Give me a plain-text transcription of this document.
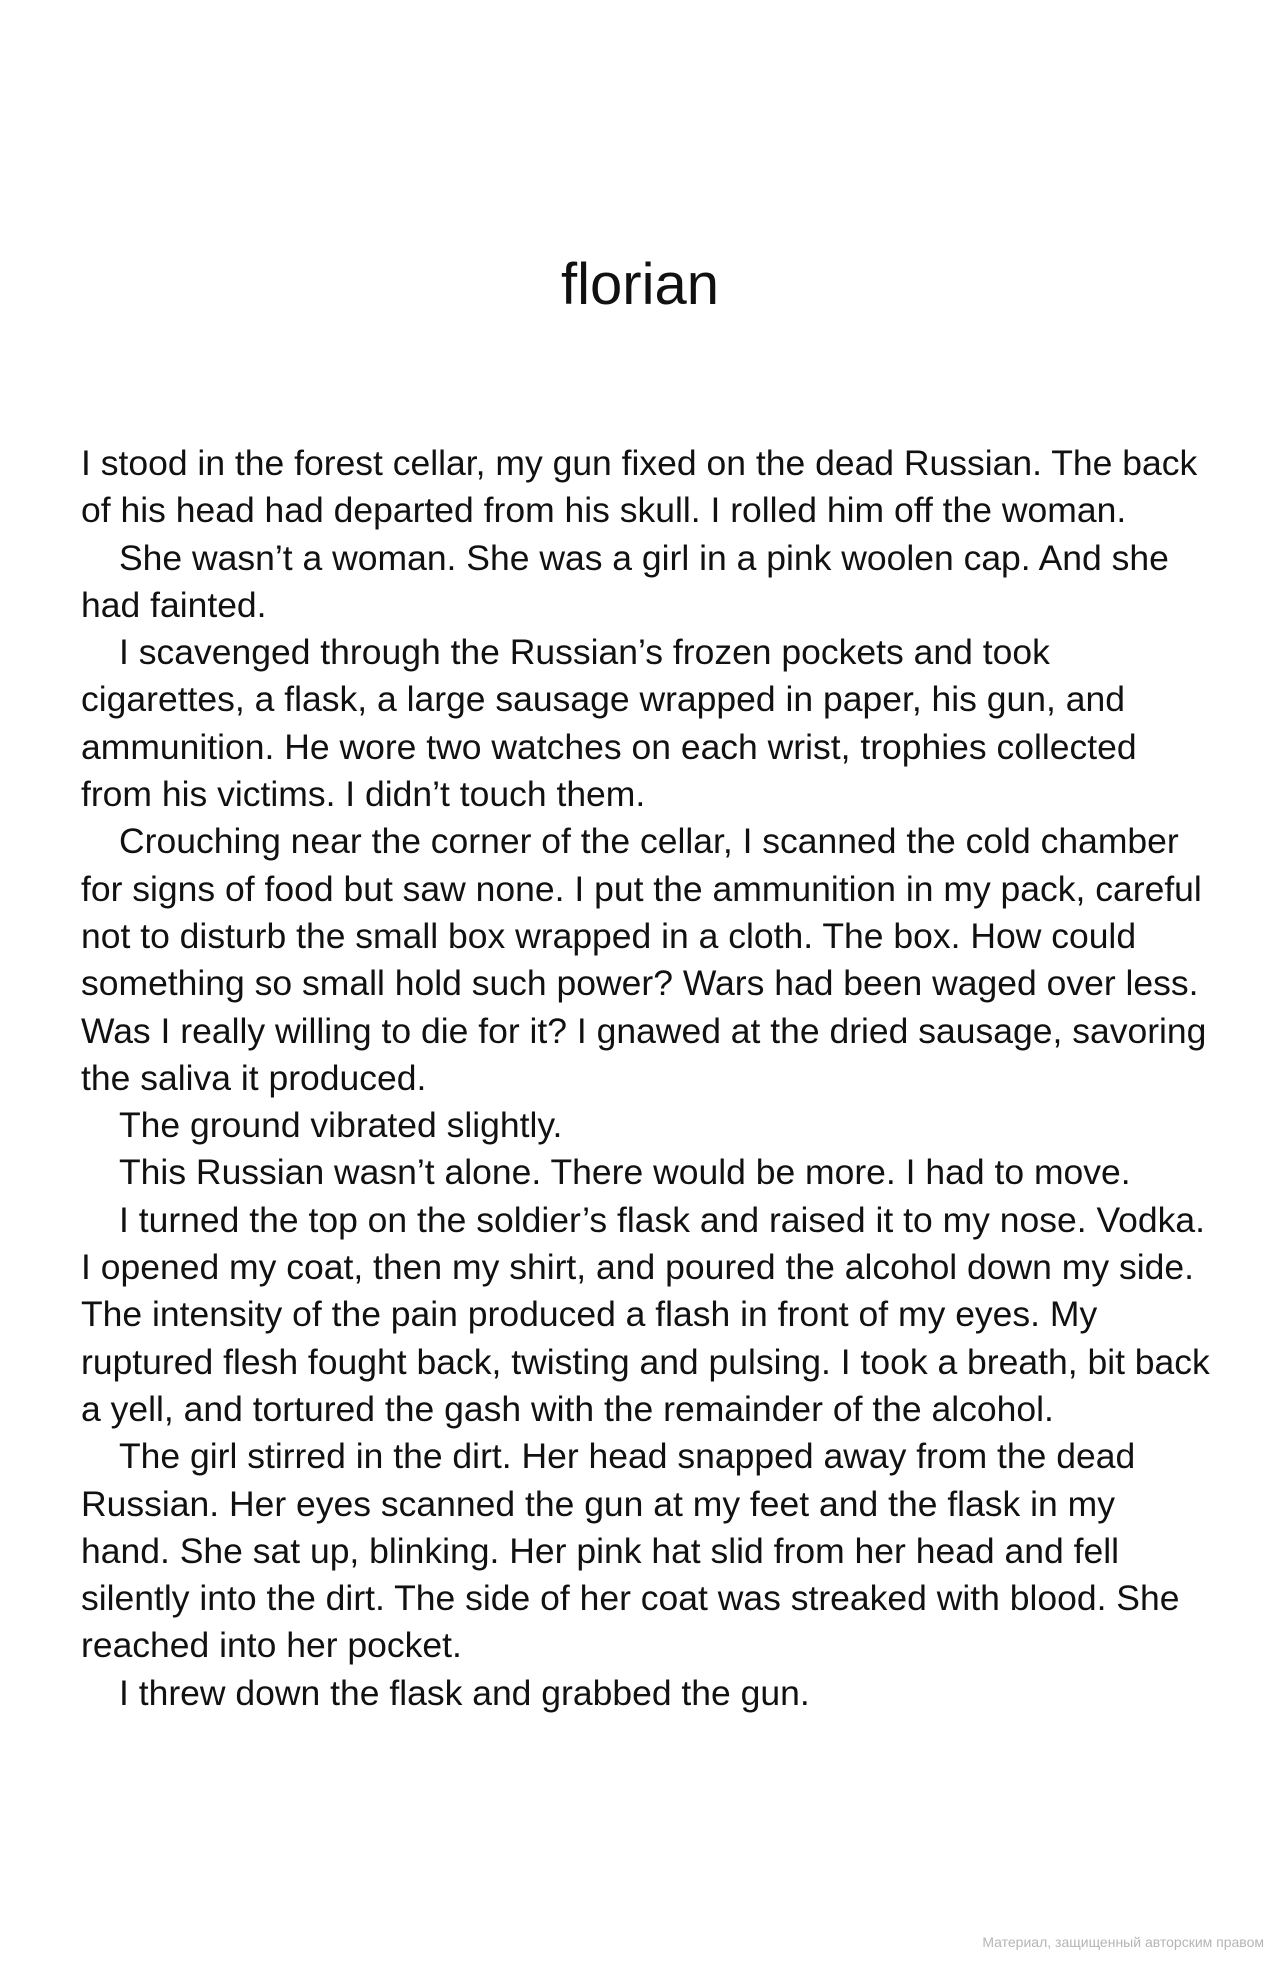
florian

I stood in the forest cellar, my gun fixed on the dead Russian. The back of his head had departed from his skull. I rolled him off the woman.

She wasn’t a woman. She was a girl in a pink woolen cap. And she had fainted.

I scavenged through the Russian’s frozen pockets and took cigarettes, a flask, a large sausage wrapped in paper, his gun, and ammunition. He wore two watches on each wrist, trophies collected from his victims. I didn’t touch them.

Crouching near the corner of the cellar, I scanned the cold chamber for signs of food but saw none. I put the ammunition in my pack, careful not to disturb the small box wrapped in a cloth. The box. How could something so small hold such power? Wars had been waged over less. Was I really willing to die for it? I gnawed at the dried sausage, savoring the saliva it produced.

The ground vibrated slightly.

This Russian wasn’t alone. There would be more. I had to move.

I turned the top on the soldier’s flask and raised it to my nose. Vodka. I opened my coat, then my shirt, and poured the alcohol down my side. The intensity of the pain produced a flash in front of my eyes. My ruptured flesh fought back, twisting and pulsing. I took a breath, bit back a yell, and tortured the gash with the remainder of the alcohol.

The girl stirred in the dirt. Her head snapped away from the dead Russian. Her eyes scanned the gun at my feet and the flask in my hand. She sat up, blinking. Her pink hat slid from her head and fell silently into the dirt. The side of her coat was streaked with blood. She reached into her pocket.

I threw down the flask and grabbed the gun.

Материал, защищенный авторским правом
